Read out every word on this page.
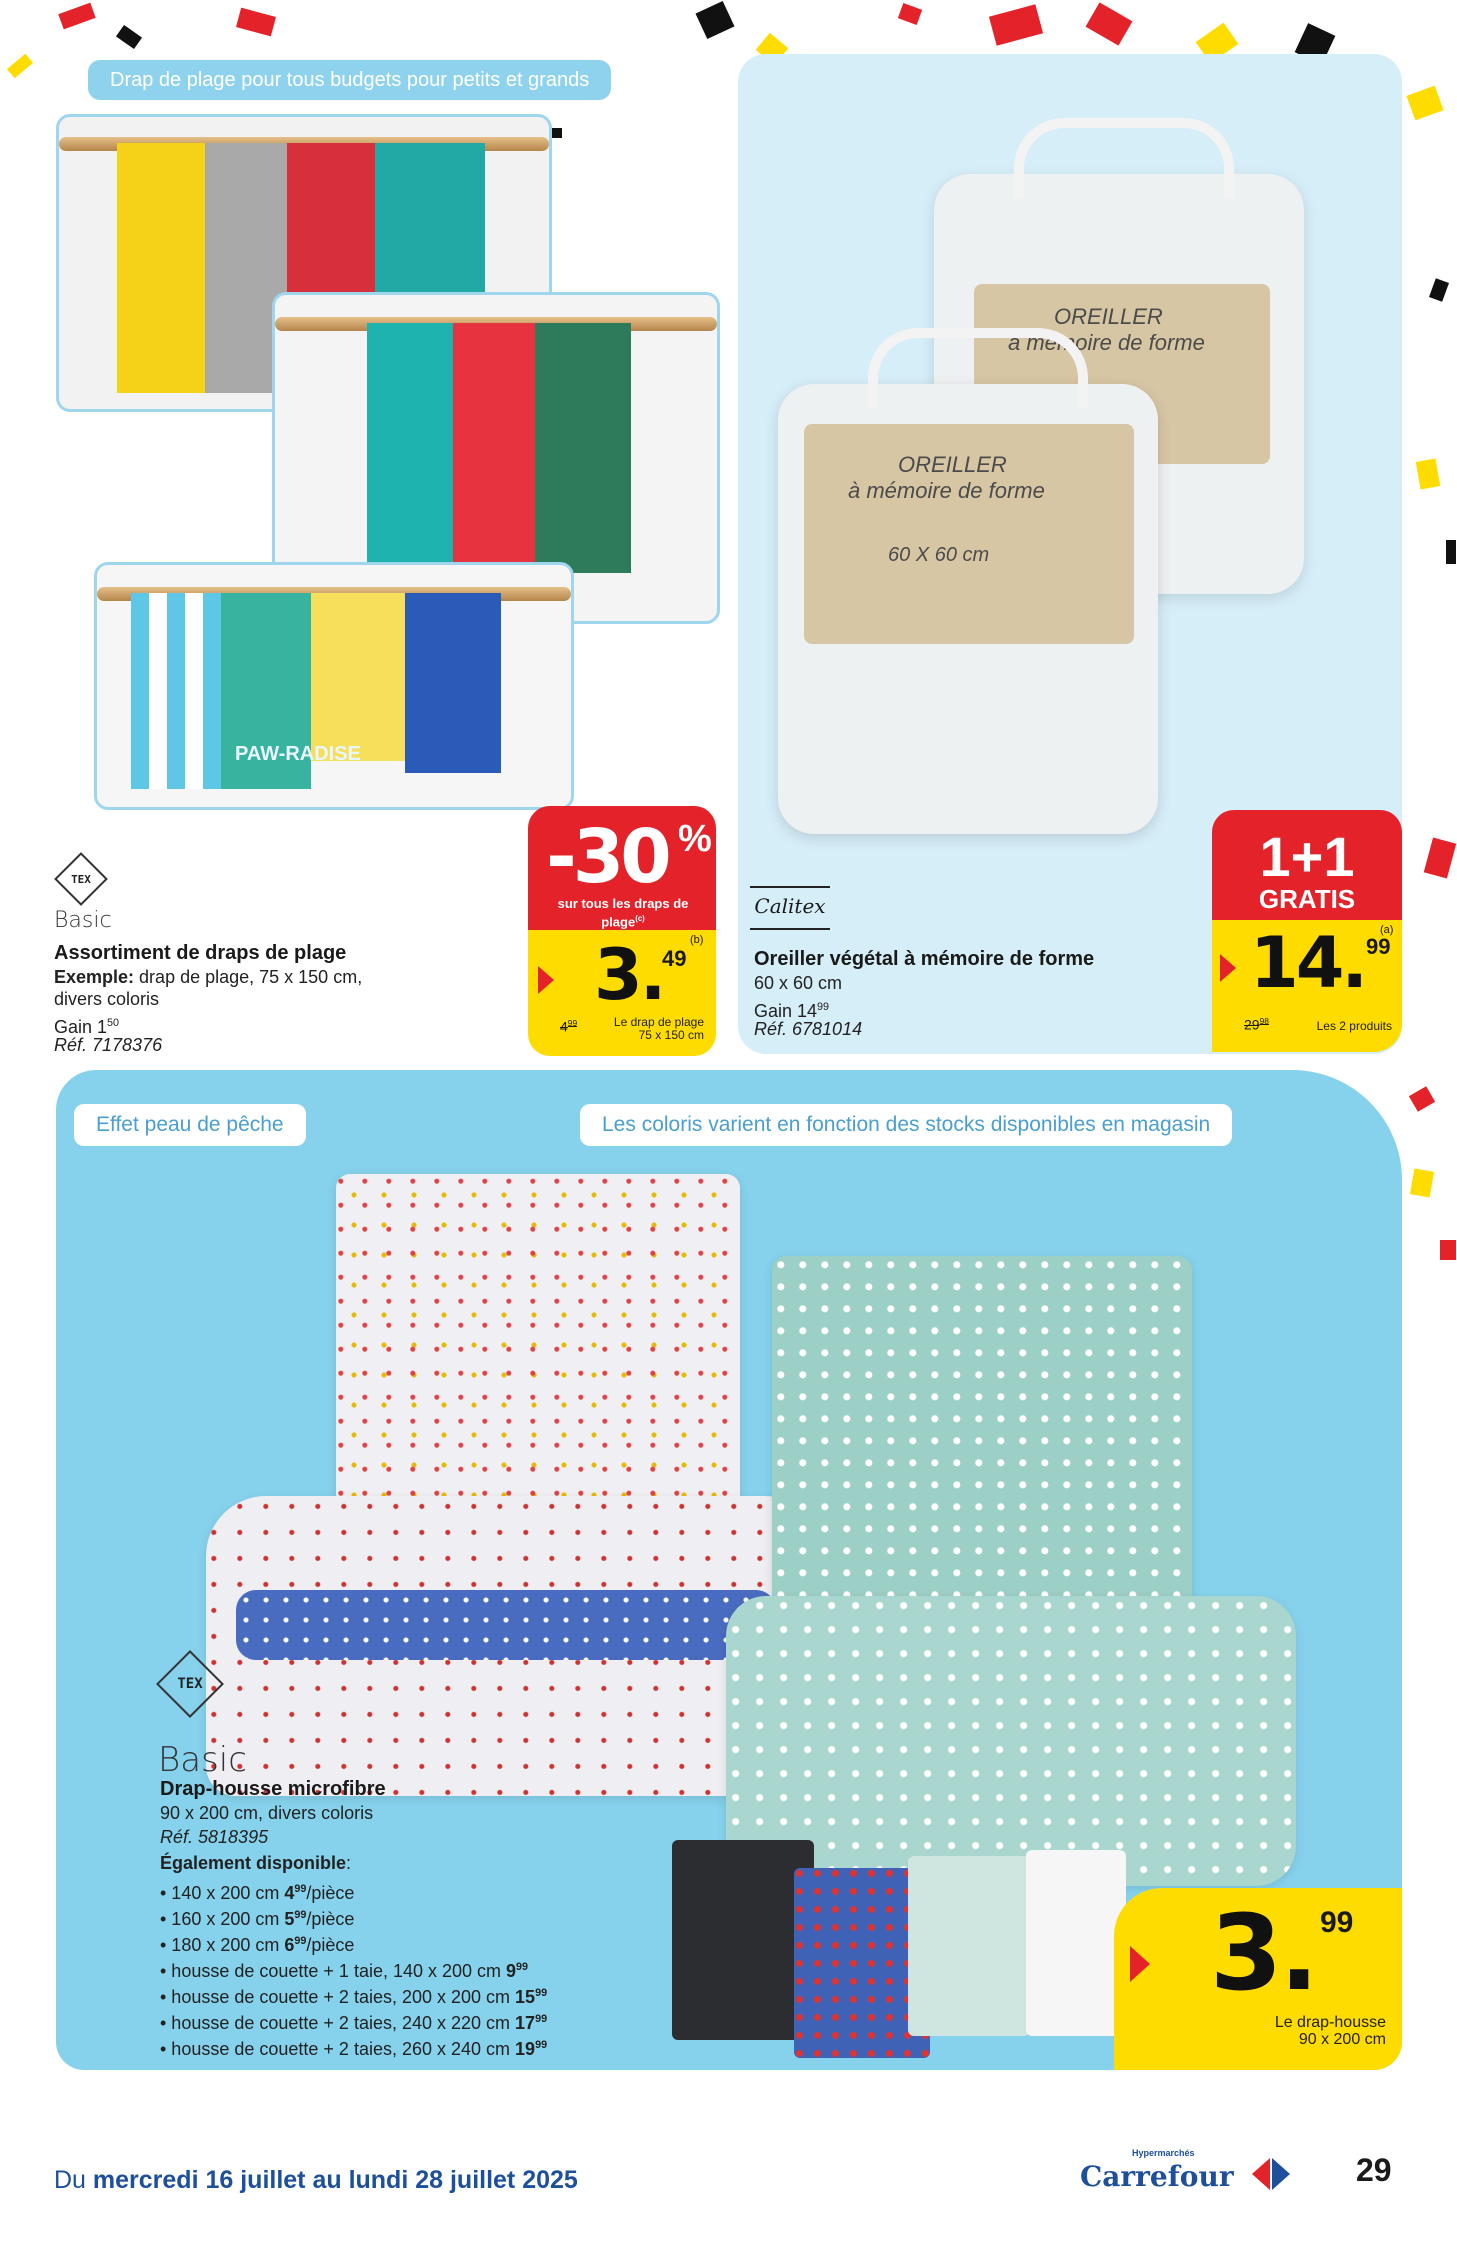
Drap de plage pour tous budgets pour petits et grands
PAW-RADISE
TEX
Basic
Assortiment de draps de plage
Exemple: drap de plage, 75 x 150 cm,
divers coloris
Gain $1^{50}$
Réf. 7178376
-30 %
sur tous les draps de plage$^{(c)}$
(b)
3.
49
$4^{99}$	Le drap de plage
75 x 150 cm
OREILLER
à mémoire de forme
OREILLER
à mémoire de forme
60 X 60 cm
Calitex
Oreiller végétal à mémoire de forme
60 x 60 cm
Gain $14^{99}$
Réf. 6781014
1+1
GRATIS
(a)
14. 99
$29^{98}$	Les 2 produits
Effet peau de pêche	Les coloris varient en fonction des stocks disponibles en magasin
TEX
Basic
Drap-housse microfibre
90 x 200 cm, divers coloris
Réf. 5818395
Également disponible:
• 140 x 200 cm $4^{99}$/pièce
• 160 x 200 cm $5^{99}$/pièce
• 180 x 200 cm $6^{99}$/pièce
• housse de couette + 1 taie, 140 x 200 cm $9^{99}$
• housse de couette + 2 taies, 200 x 200 cm $15^{99}$
• housse de couette + 2 taies, 240 x 220 cm $17^{99}$
• housse de couette + 2 taies, 260 x 240 cm $19^{99}$
3. 99
Le drap-housse
90 x 200 cm
Du mercredi 16 juillet au lundi 28 juillet 2025
Hypermarchés
Carrefour	29
